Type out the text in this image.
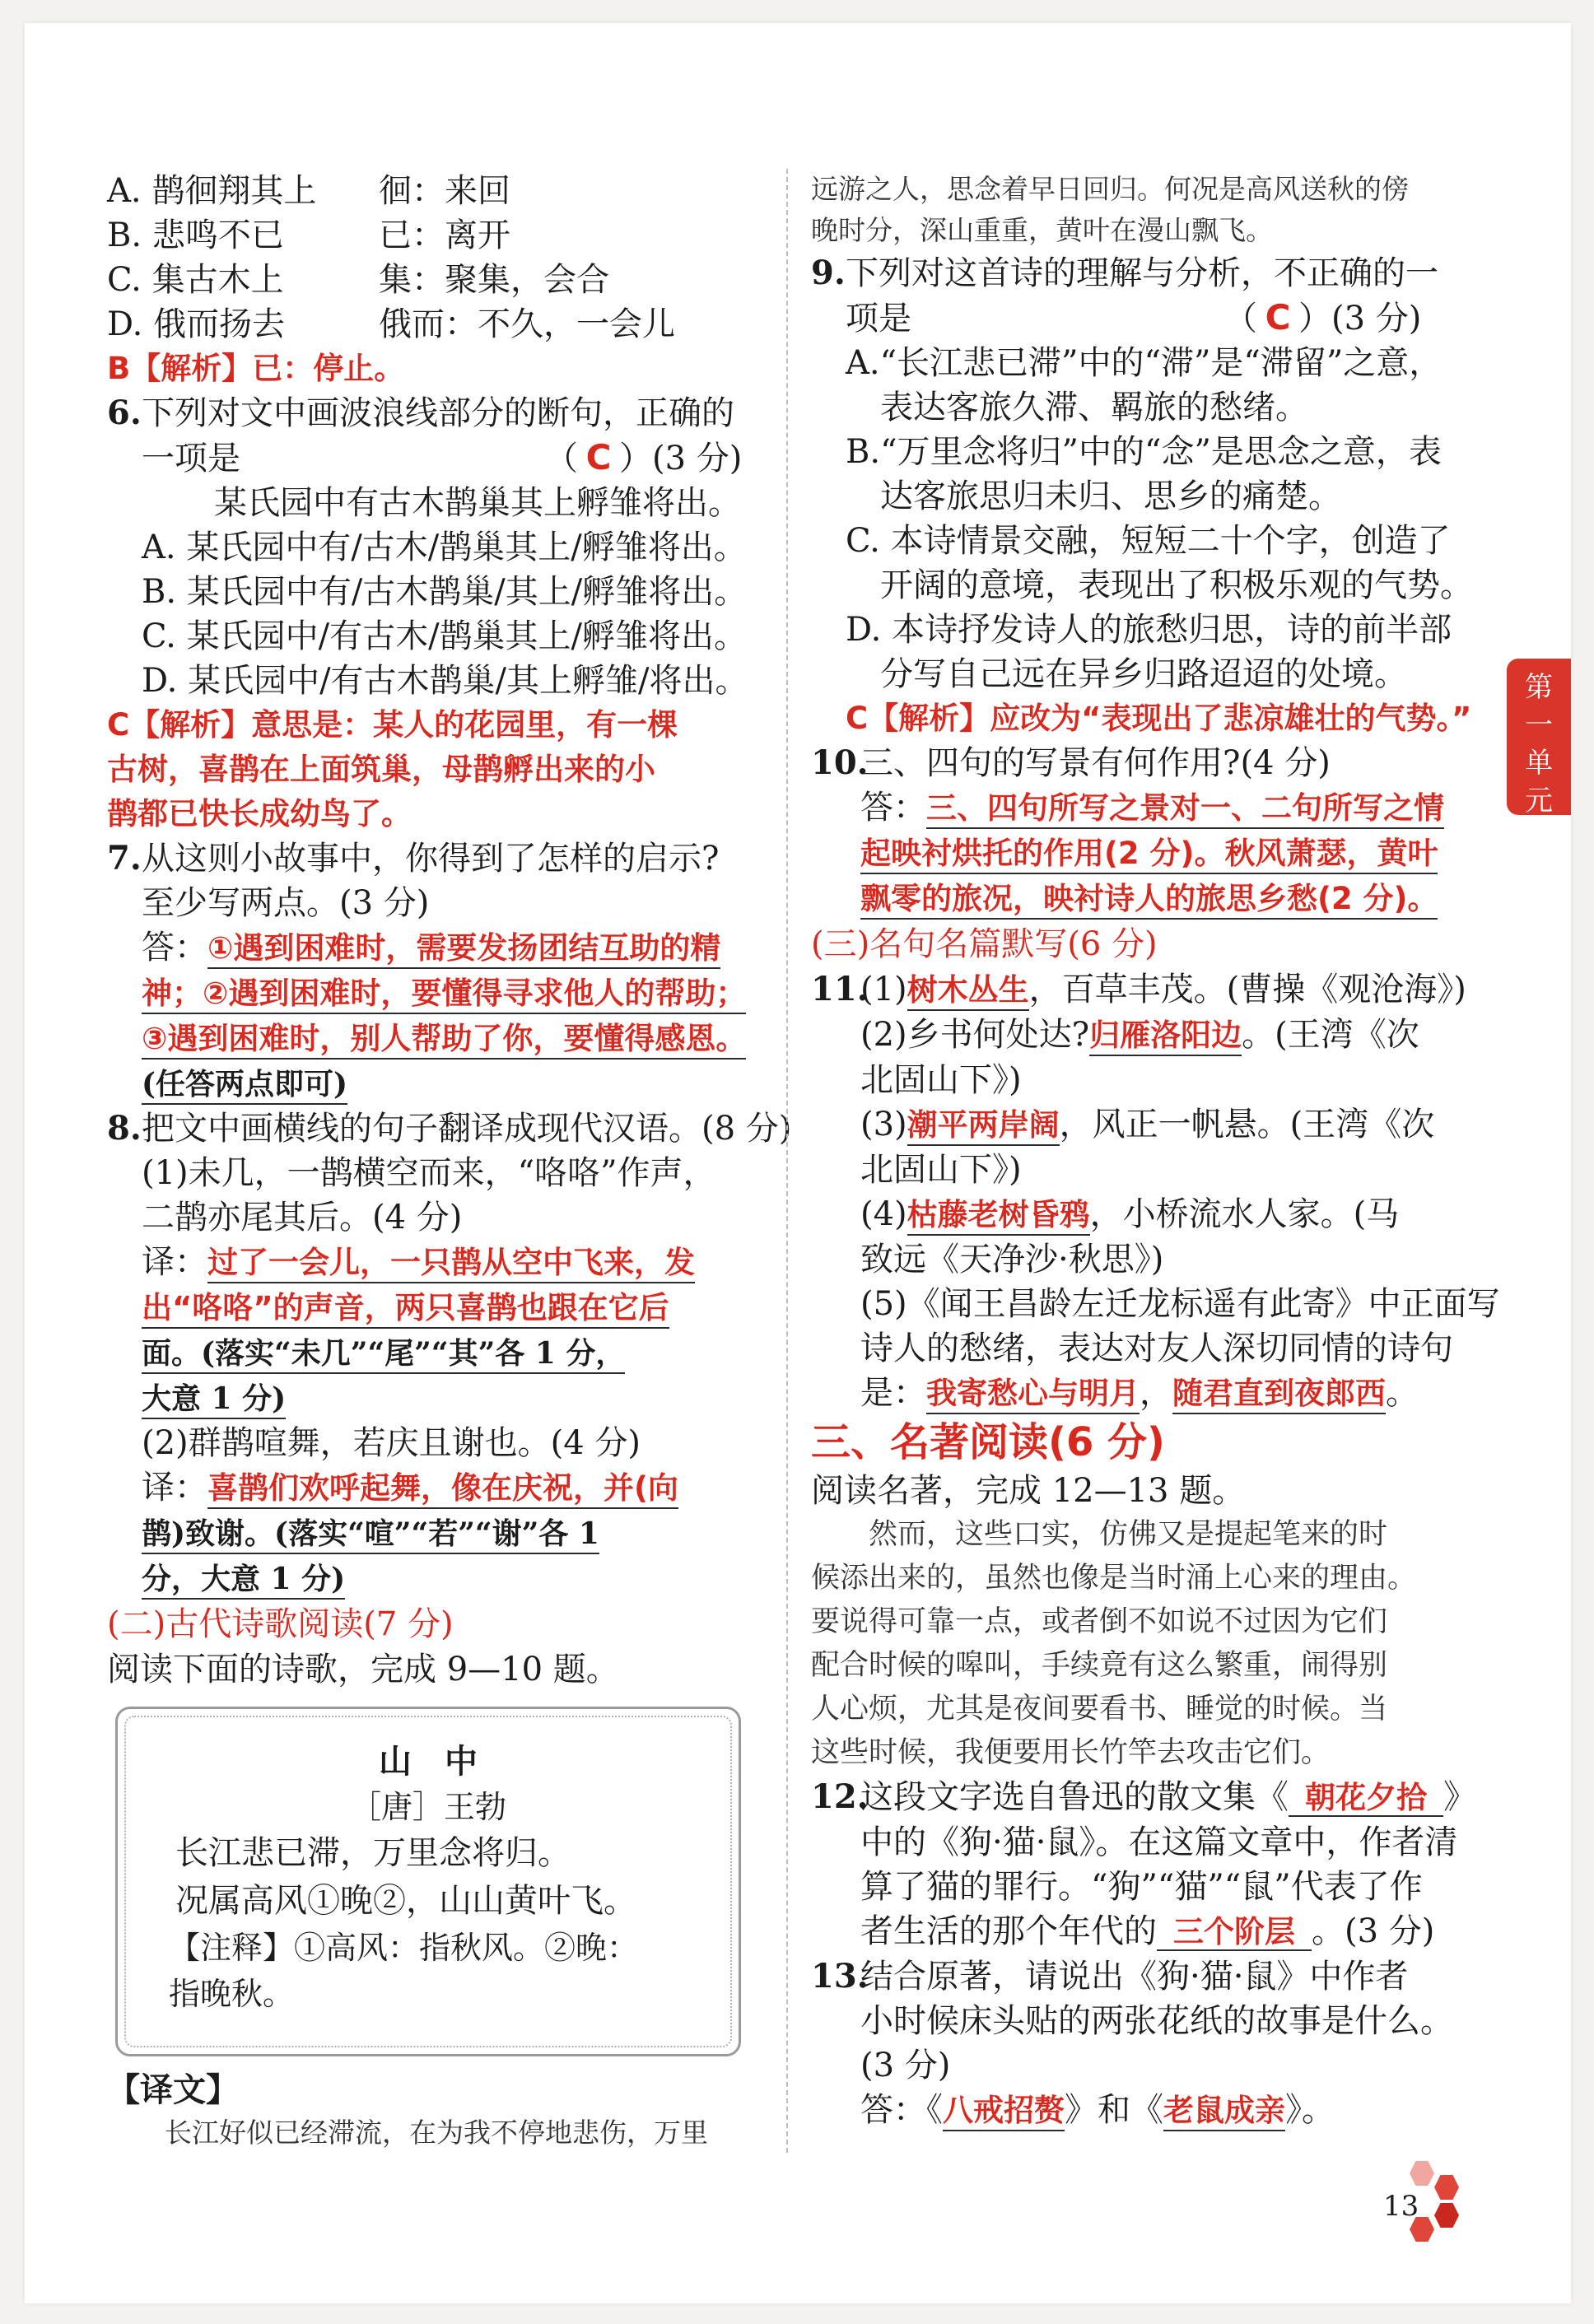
A. 鹊徊翔其上 徊：来回
B. 悲鸣不已	已：离开
C. 集古木上	集：聚集，会合
D. 俄而扬去	俄而：不久，一会儿
B【解析】已：停止。
6.下列对文中画波浪线部分的断句，正确的
一项是	（ C ）(3 分)
某氏园中有古木鹊巢其上孵雏将出。
A. 某氏园中有/古木/鹊巢其上/孵雏将出。
B. 某氏园中有/古木鹊巢/其上/孵雏将出。
C. 某氏园中/有古木/鹊巢其上/孵雏将出。
D. 某氏园中/有古木鹊巢/其上孵雏/将出。
C【解析】意思是：某人的花园里，有一棵
古树，喜鹊在上面筑巢，母鹊孵出来的小
鹊都已快长成幼鸟了。
7.从这则小故事中，你得到了怎样的启示?
至少写两点。(3 分)
答：①遇到困难时，需要发扬团结互助的精
神；②遇到困难时，要懂得寻求他人的帮助；
③遇到困难时，别人帮助了你，要懂得感恩。
(任答两点即可)
8.把文中画横线的句子翻译成现代汉语。(8 分)
(1)未几，一鹊横空而来，“咯咯”作声，
二鹊亦尾其后。(4 分)
译：过了一会儿，一只鹊从空中飞来，发
出“咯咯”的声音，两只喜鹊也跟在它后
面。(落实“未几”“尾”“其”各 1 分，
大意 1 分)
(2)群鹊喧舞，若庆且谢也。(4 分)
译：喜鹊们欢呼起舞，像在庆祝，并(向
鹊)致谢。(落实“喧”“若”“谢”各 1
分，大意 1 分)
(二)古代诗歌阅读(7 分)
阅读下面的诗歌，完成 9—10 题。
山　中
［唐］王勃
长江悲已滞，万里念将归。
况属高风①晚②，山山黄叶飞。
【注释】①高风：指秋风。②晚：
指晚秋。
【译文】
长江好似已经滞流，在为我不停地悲伤，万里
远游之人，思念着早日回归。何况是高风送秋的傍
晚时分，深山重重，黄叶在漫山飘飞。
9.下列对这首诗的理解与分析，不正确的一
项是	（ C ）(3 分)
A.“长江悲已滞”中的“滞”是“滞留”之意，
表达客旅久滞、羁旅的愁绪。
B.“万里念将归”中的“念”是思念之意，表
达客旅思归未归、思乡的痛楚。
C. 本诗情景交融，短短二十个字，创造了
开阔的意境，表现出了积极乐观的气势。
D. 本诗抒发诗人的旅愁归思，诗的前半部
分写自己远在异乡归路迢迢的处境。
C【解析】应改为“表现出了悲凉雄壮的气势。”
10.三、四句的写景有何作用?(4 分)
答：三、四句所写之景对一、二句所写之情
起映衬烘托的作用(2 分)。秋风萧瑟，黄叶
飘零的旅况，映衬诗人的旅思乡愁(2 分)。
(三)名句名篇默写(6 分)
11.(1)树木丛生，百草丰茂。(曹操《观沧海》)
(2)乡书何处达?归雁洛阳边。(王湾《次
北固山下》)
(3)潮平两岸阔，风正一帆悬。(王湾《次
北固山下》)
(4)枯藤老树昏鸦，小桥流水人家。(马
致远《天净沙·秋思》)
(5)《闻王昌龄左迁龙标遥有此寄》中正面写
诗人的愁绪，表达对友人深切同情的诗句
是：我寄愁心与明月，随君直到夜郎西。
三、名著阅读(6 分)
阅读名著，完成 12—13 题。
然而，这些口实，仿佛又是提起笔来的时
候添出来的，虽然也像是当时涌上心来的理由。
要说得可靠一点，或者倒不如说不过因为它们
配合时候的嗥叫，手续竟有这么繁重，闹得别
人心烦，尤其是夜间要看书、睡觉的时候。当
这些时候，我便要用长竹竿去攻击它们。
12.这段文字选自鲁迅的散文集《 朝花夕拾 》
中的《狗·猫·鼠》。在这篇文章中，作者清
算了猫的罪行。“狗”“猫”“鼠”代表了作
者生活的那个年代的 三个阶层 。(3 分)
13.结合原著，请说出《狗·猫·鼠》中作者
小时候床头贴的两张花纸的故事是什么。
(3 分)
答：《八戒招赘》和《老鼠成亲》。
第
一
单
元
13
